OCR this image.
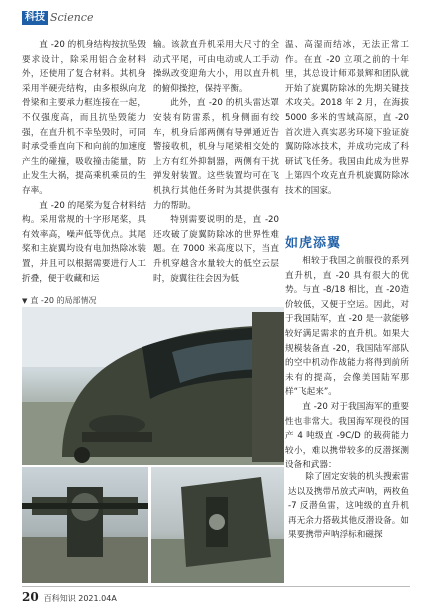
科技 Science

直 -20 的机身结构按抗坠毁要求设计，除采用铝合金材料外，还使用了复合材料。其机身采用半硬壳结构，由多根纵向龙骨梁和主要承力框连接在一起，不仅强度高，而且抗坠毁能力强，在直升机不幸坠毁时，可同时承受垂直向下和向前的加速度产生的碰撞，吸收撞击能量，防止发生大祸，提高乘机乘员的生存率。

直 -20 的尾桨为复合材料结构。采用常规的十字形尾桨，具有效率高，噪声低等优点。其尾桨和主旋翼均设有电加热除冰装置，并且可以根据需要进行人工折叠，便于收藏和运

输。该款直升机采用大尺寸的全动式平尾，可由电动或人工手动操纵改变迎角大小，用以直升机的俯仰操控，保持平衡。

此外，直 -20 的机头雷达罩安装有防雷系，机身侧面有绞车，机身后部两侧有导弹通近告警接收机，机身与尾梁相交处的上方有红外抑制器，两侧有干扰弹发射装置。这些装置均可在飞机执行其他任务时为其提供强有力的帮助。

特别需要说明的是，直 -20还攻破了旋翼防除冰的世界性难题。在 7000 米高度以下，当直升机穿越含水量较大的低空云层时，旋翼往往会因为低

温、高湿而结冰，无法正常工作。在直 -20 立项之前的十年里，其总设计师邓景辉和团队就开始了旋翼防除冰的先期关键技术攻关。2018 年 2 月，在海拔 5000 多米的雪域高原，直 -20 首次进入真实恶劣环境下验证旋翼防除冰技术，并成功完成了科研试飞任务。我国由此成为世界上第四个攻克直升机旋翼防除冰技术的国家。

如虎添翼

相较于我国之前服役的系列直升机，直 -20 具有很大的优势。与直 -8/18 相比，直 -20造价较低，又便于空运。因此，对于我国陆军，直 -20 是一款能够较好满足需求的直升机。如果大规模装备直 -20，我国陆军部队的空中机动作战能力将得到前所未有的提高，会像美国陆军那样“飞起来”。

直 -20 对于我国海军的重要性也非常大。我国海军现役的国产 4 吨级直 -9C/D 的载荷能力较小，难以携带较多的反潜探测设备和武器：

除了固定安装的机头搜索雷达以及携带吊放式声呐，两枚鱼 -7 反潜鱼雷，这吨级的直升机再无余力搭载其他反潜设备。如果要携带声呐浮标和磁探

▼ 直 -20 的局部情况
20 百科知识 2021.04A
